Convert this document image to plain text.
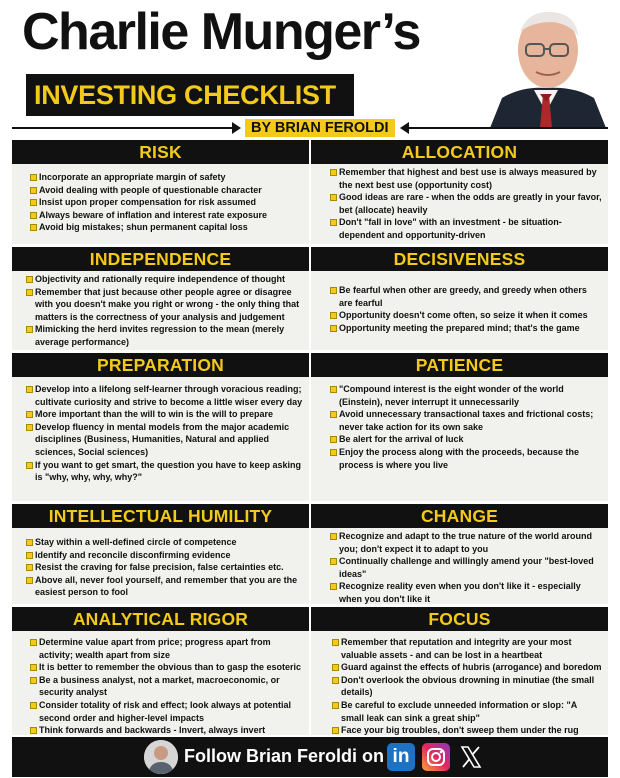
Charlie Munger’s
INVESTING CHECKLIST
BY BRIAN FEROLDI
RISK
Incorporate an appropriate margin of safety
Avoid dealing with people of questionable character
Insist upon proper compensation for risk assumed
Always beware of inflation and interest rate exposure
Avoid big mistakes; shun permanent capital loss
ALLOCATION
Remember that highest and best use is always measured by the next best use (opportunity cost)
Good ideas are rare - when the odds are greatly in your favor, bet (allocate) heavily
Don't "fall in love" with an investment - be situation-dependent and opportunity-driven
INDEPENDENCE
Objectivity and rationally require independence of thought
Remember that just because other people agree or disagree with you doesn't make you right or wrong - the only thing that matters is the correctness of your analysis and judgement
Mimicking the herd invites regression to the mean (merely average performance)
DECISIVENESS
Be fearful when other are greedy, and greedy when others are fearful
Opportunity doesn't come often, so seize it when it comes
Opportunity meeting the prepared mind; that's the game
PREPARATION
Develop into a lifelong self-learner through voracious reading; cultivate curiosity and strive to become a little wiser every day
More important than the will to win is the will to prepare
Develop fluency in mental models from the major academic disciplines (Business, Humanities, Natural and applied sciences, Social sciences)
If you want to get smart, the question you have to keep asking is "why, why, why, why?"
PATIENCE
"Compound interest is the eight wonder of the world (Einstein), never interrupt it unnecessarily
Avoid unnecessary transactional taxes and frictional costs; never take action for its own sake
Be alert for the arrival of luck
Enjoy the process along with the proceeds, because the process is where you live
INTELLECTUAL HUMILITY
Stay within a well-defined circle of competence
Identify and reconcile disconfirming evidence
Resist the craving for false precision, false certainties etc.
Above all, never fool yourself, and remember that you are the easiest person to fool
CHANGE
Recognize and adapt to the true nature of the world around you; don't expect it to adapt to you
Continually challenge and willingly amend your "best-loved ideas"
Recognize reality even when you don't like it - especially when you don't like it
ANALYTICAL RIGOR
Determine value apart from price; progress apart from activity; wealth apart from size
It is better to remember the obvious than to gasp the esoteric
Be a business analyst, not a market, macroeconomic, or security analyst
Consider totality of risk and effect; look always at potential second order and higher-level impacts
Think forwards and backwards - Invert, always invert
FOCUS
Remember that reputation and integrity are your most valuable assets - and can be lost in a heartbeat
Guard against the effects of hubris (arrogance) and boredom
Don't overlook the obvious drowning in minutiae (the small details)
Be careful to exclude unneeded information or slop: "A small leak can sink a great ship"
Face your big troubles, don't sweep them under the rug
Follow Brian Feroldi on in
